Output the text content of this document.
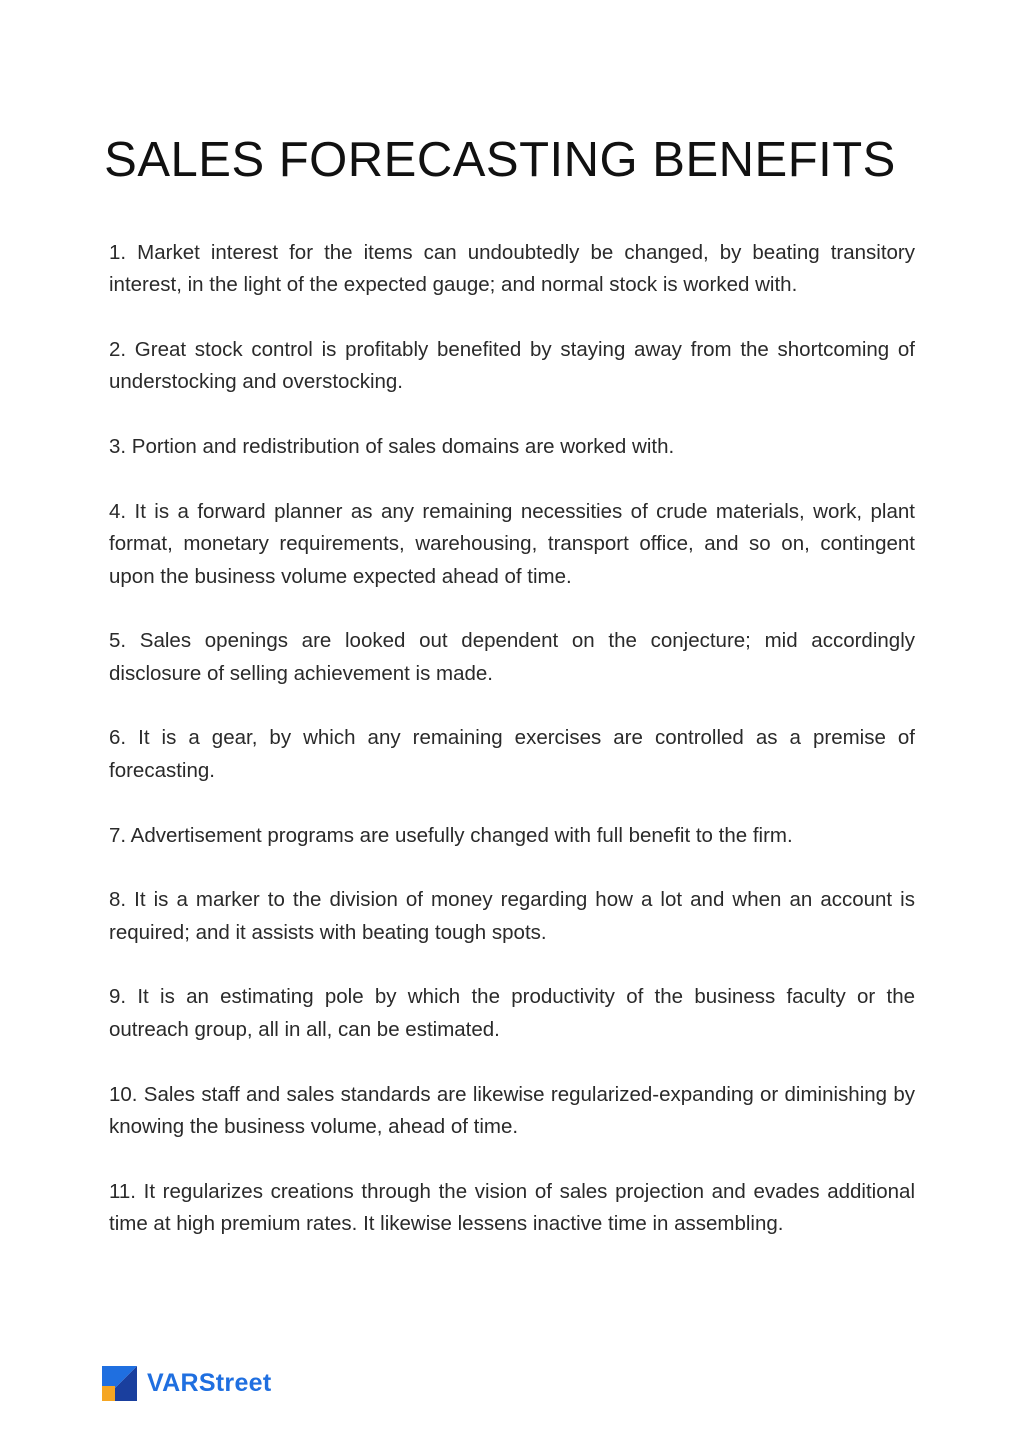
SALES FORECASTING BENEFITS

1. Market interest for the items can undoubtedly be changed, by beating transitory interest, in the light of the expected gauge; and normal stock is worked with.

2. Great stock control is profitably benefited by staying away from the shortcoming of understocking and overstocking.

3. Portion and redistribution of sales domains are worked with.

4. It is a forward planner as any remaining necessities of crude materials, work, plant format, monetary requirements, warehousing, transport office, and so on, contingent upon the business volume expected ahead of time.

5. Sales openings are looked out dependent on the conjecture; mid accordingly disclosure of selling achievement is made.

6. It is a gear, by which any remaining exercises are controlled as a premise of forecasting.

7. Advertisement programs are usefully changed with full benefit to the firm.

8. It is a marker to the division of money regarding how a lot and when an account is required; and it assists with beating tough spots.

9. It is an estimating pole by which the productivity of the business faculty or the outreach group, all in all, can be estimated.

10. Sales staff and sales standards are likewise regularized-expanding or diminishing by knowing the business volume, ahead of time.

11. It regularizes creations through the vision of sales projection and evades additional time at high premium rates. It likewise lessens inactive time in assembling.

VARStreet
